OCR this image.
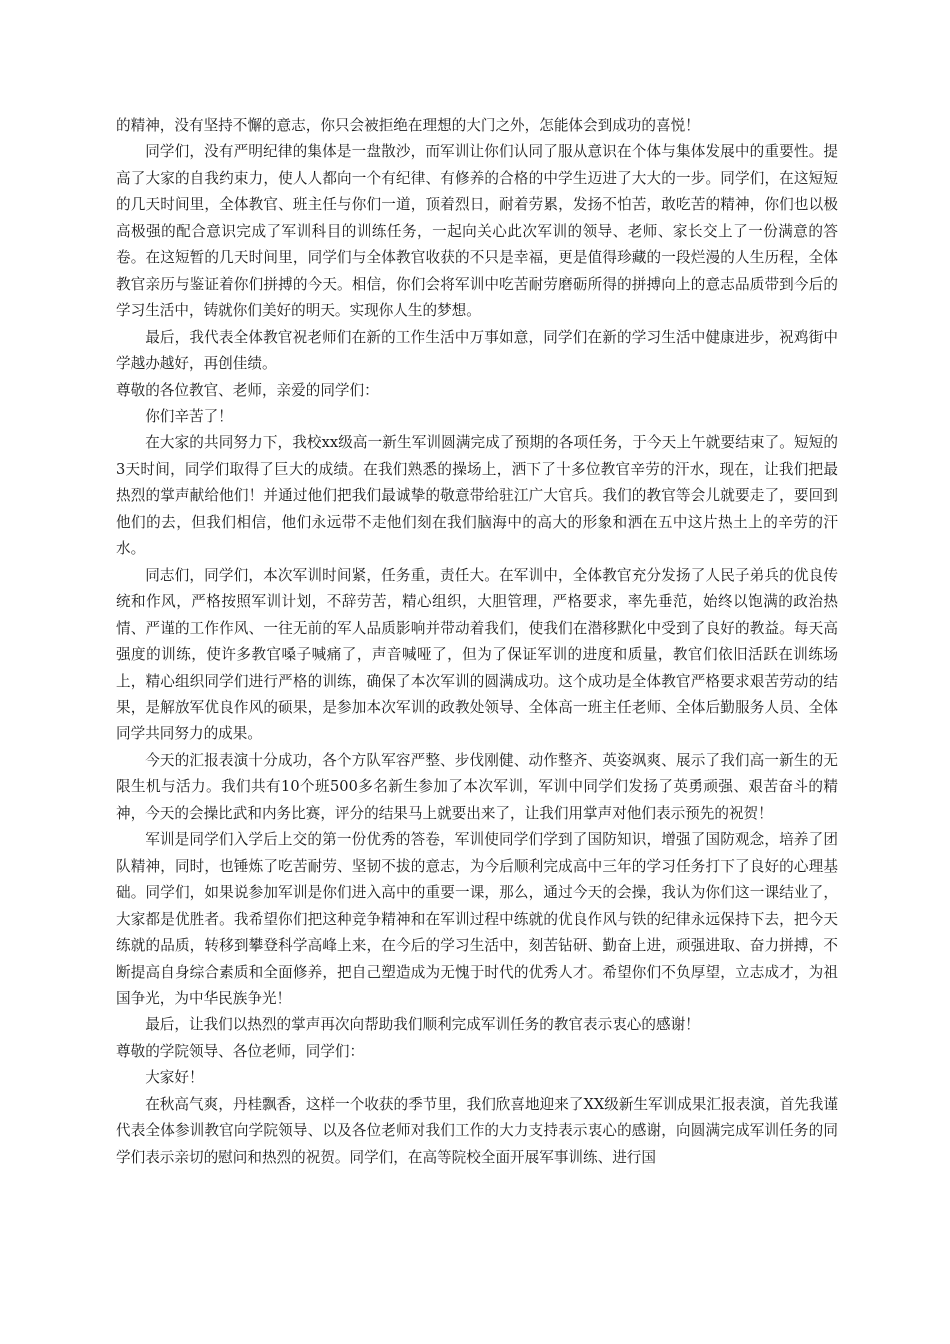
的精神，没有坚持不懈的意志，你只会被拒绝在理想的大门之外，怎能体会到成功的喜悦！

同学们，没有严明纪律的集体是一盘散沙，而军训让你们认同了服从意识在个体与集体发展中的重要性。提高了大家的自我约束力，使人人都向一个有纪律、有修养的合格的中学生迈进了大大的一步。同学们，在这短短的几天时间里，全体教官、班主任与你们一道，顶着烈日，耐着劳累，发扬不怕苦，敢吃苦的精神，你们也以极高极强的配合意识完成了军训科目的训练任务，一起向关心此次军训的领导、老师、家长交上了一份满意的答卷。在这短暂的几天时间里，同学们与全体教官收获的不只是幸福，更是值得珍藏的一段烂漫的人生历程，全体教官亲历与鉴证着你们拼搏的今天。相信，你们会将军训中吃苦耐劳磨砺所得的拼搏向上的意志品质带到今后的学习生活中，铸就你们美好的明天。实现你人生的梦想。

最后，我代表全体教官祝老师们在新的工作生活中万事如意，同学们在新的学习生活中健康进步，祝鸡街中学越办越好，再创佳绩。

尊敬的各位教官、老师，亲爱的同学们：

你们辛苦了！

在大家的共同努力下，我校xx级高一新生军训圆满完成了预期的各项任务，于今天上午就要结束了。短短的3天时间，同学们取得了巨大的成绩。在我们熟悉的操场上，洒下了十多位教官辛劳的汗水，现在，让我们把最热烈的掌声献给他们！并通过他们把我们最诚挚的敬意带给驻江广大官兵。我们的教官等会儿就要走了，要回到他们的去，但我们相信，他们永远带不走他们刻在我们脑海中的高大的形象和洒在五中这片热土上的辛劳的汗水。

同志们，同学们，本次军训时间紧，任务重，责任大。在军训中，全体教官充分发扬了人民子弟兵的优良传统和作风，严格按照军训计划，不辞劳苦，精心组织，大胆管理，严格要求，率先垂范，始终以饱满的政治热情、严谨的工作作风、一往无前的军人品质影响并带动着我们，使我们在潜移默化中受到了良好的教益。每天高强度的训练，使许多教官嗓子喊痛了，声音喊哑了，但为了保证军训的进度和质量，教官们依旧活跃在训练场上，精心组织同学们进行严格的训练，确保了本次军训的圆满成功。这个成功是全体教官严格要求艰苦劳动的结果，是解放军优良作风的硕果，是参加本次军训的政教处领导、全体高一班主任老师、全体后勤服务人员、全体同学共同努力的成果。

今天的汇报表演十分成功，各个方队军容严整、步伐刚健、动作整齐、英姿飒爽、展示了我们高一新生的无限生机与活力。我们共有10个班500多名新生参加了本次军训，军训中同学们发扬了英勇顽强、艰苦奋斗的精神，今天的会操比武和内务比赛，评分的结果马上就要出来了，让我们用掌声对他们表示预先的祝贺！

军训是同学们入学后上交的第一份优秀的答卷，军训使同学们学到了国防知识，增强了国防观念，培养了团队精神，同时，也锤炼了吃苦耐劳、坚韧不拔的意志，为今后顺利完成高中三年的学习任务打下了良好的心理基础。同学们，如果说参加军训是你们进入高中的重要一课，那么，通过今天的会操，我认为你们这一课结业了，大家都是优胜者。我希望你们把这种竞争精神和在军训过程中练就的优良作风与铁的纪律永远保持下去，把今天练就的品质，转移到攀登科学高峰上来，在今后的学习生活中，刻苦钻研、勤奋上进，顽强进取、奋力拼搏，不断提高自身综合素质和全面修养，把自己塑造成为无愧于时代的优秀人才。希望你们不负厚望，立志成才，为祖国争光，为中华民族争光！

最后，让我们以热烈的掌声再次向帮助我们顺利完成军训任务的教官表示衷心的感谢！

尊敬的学院领导、各位老师，同学们：

大家好！

在秋高气爽，丹桂飘香，这样一个收获的季节里，我们欣喜地迎来了XX级新生军训成果汇报表演，首先我谨代表全体参训教官向学院领导、以及各位老师对我们工作的大力支持表示衷心的感谢，向圆满完成军训任务的同学们表示亲切的慰问和热烈的祝贺。同学们，在高等院校全面开展军事训练、进行国
